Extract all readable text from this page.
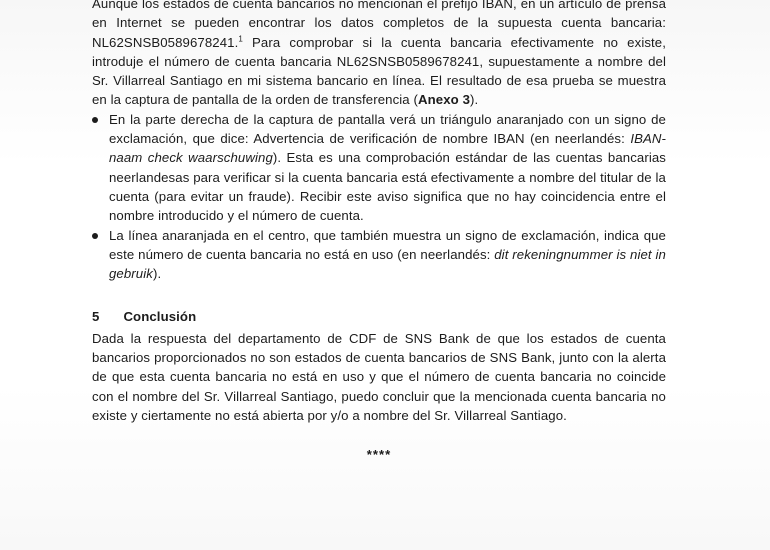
Aunque los estados de cuenta bancarios no mencionan el prefijo IBAN, en un artículo de prensa en Internet se pueden encontrar los datos completos de la supuesta cuenta bancaria: NL62SNSB0589678241.$^1$ Para comprobar si la cuenta bancaria efectivamente no existe, introduje el número de cuenta bancaria NL62SNSB0589678241, supuestamente a nombre del Sr. Villarreal Santiago en mi sistema bancario en línea. El resultado de esa prueba se muestra en la captura de pantalla de la orden de transferencia (Anexo 3).

En la parte derecha de la captura de pantalla verá un triángulo anaranjado con un signo de exclamación, que dice: Advertencia de verificación de nombre IBAN (en neerlandés: IBAN-naam check waarschuwing). Esta es una comprobación estándar de las cuentas bancarias neerlandesas para verificar si la cuenta bancaria está efectivamente a nombre del titular de la cuenta (para evitar un fraude). Recibir este aviso significa que no hay coincidencia entre el nombre introducido y el número de cuenta.
La línea anaranjada en el centro, que también muestra un signo de exclamación, indica que este número de cuenta bancaria no está en uso (en neerlandés: dit rekeningnummer is niet in gebruik).
5 Conclusión

Dada la respuesta del departamento de CDF de SNS Bank de que los estados de cuenta bancarios proporcionados no son estados de cuenta bancarios de SNS Bank, junto con la alerta de que esta cuenta bancaria no está en uso y que el número de cuenta bancaria no coincide con el nombre del Sr. Villarreal Santiago, puedo concluir que la mencionada cuenta bancaria no existe y ciertamente no está abierta por y/o a nombre del Sr. Villarreal Santiago.

****
